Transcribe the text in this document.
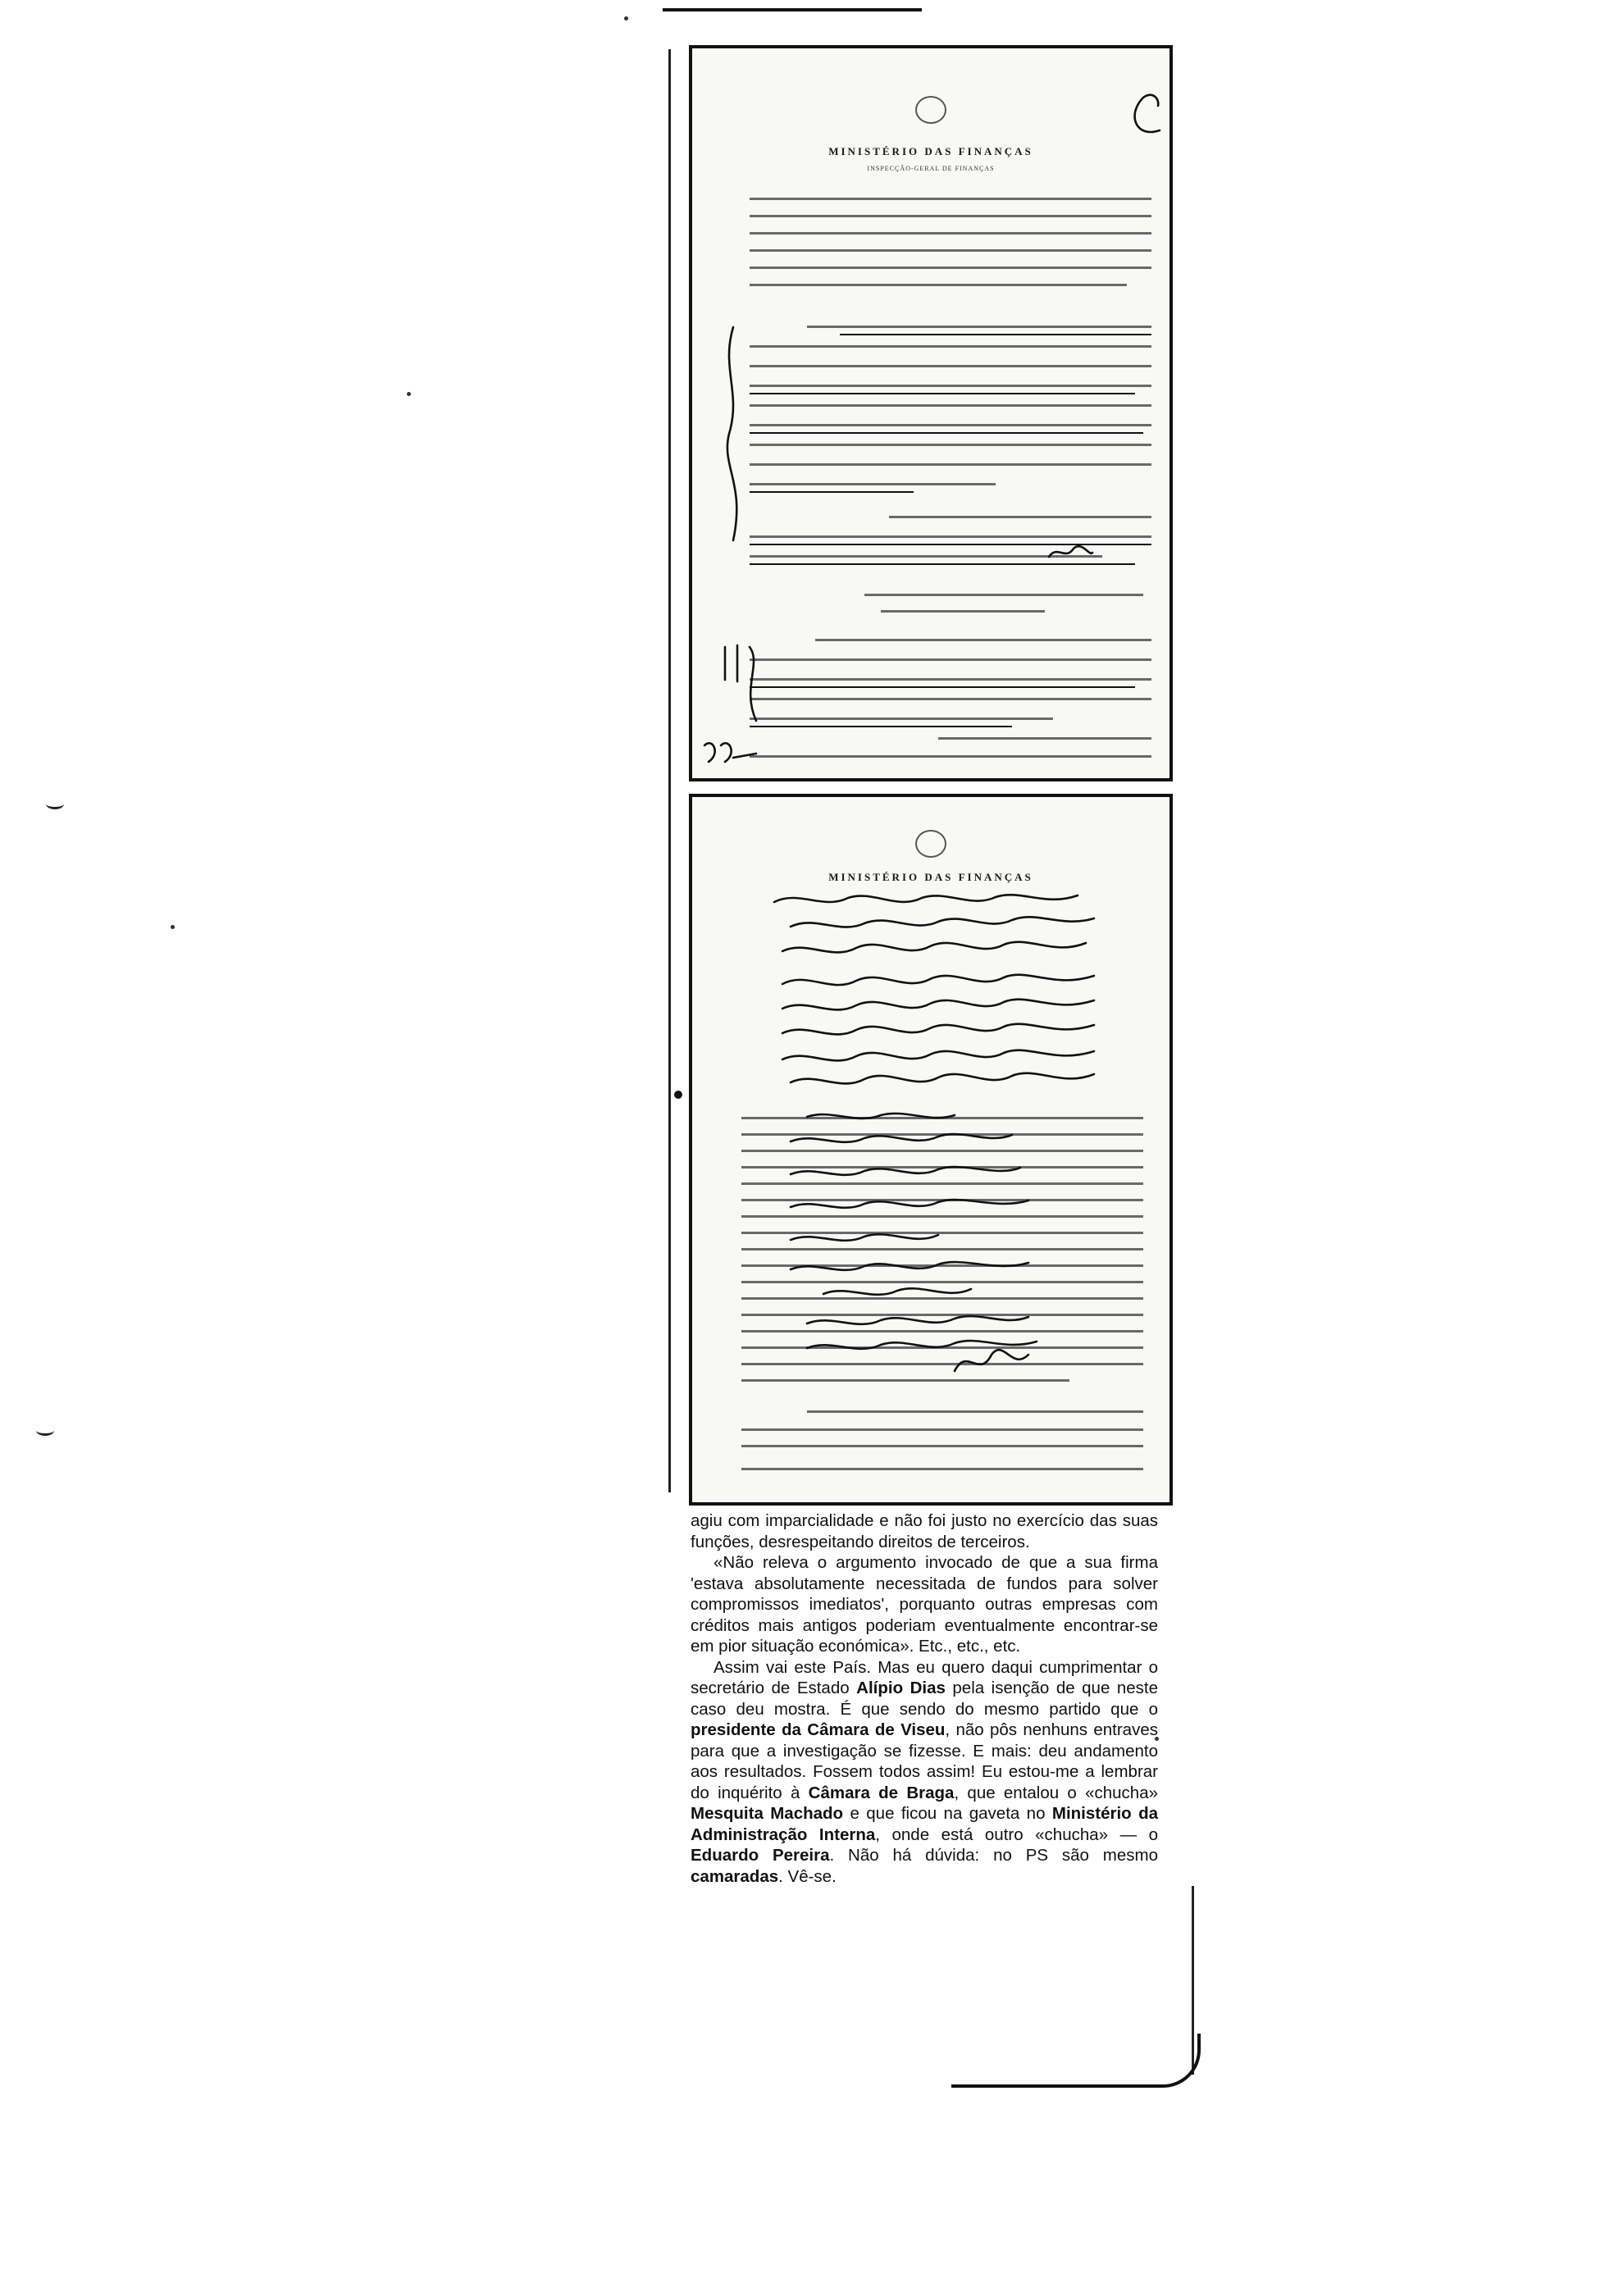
MINISTÉRIO DAS FINANÇAS
INSPECÇÃO-GERAL DE FINANÇAS
MINISTÉRIO DAS FINANÇAS

agiu com imparcialidade e não foi justo no exercício das suas funções, desrespeitando direitos de terceiros.

«Não releva o argumento invocado de que a sua firma 'estava absolutamente necessitada de fundos para solver compromissos imediatos', porquanto outras empresas com créditos mais antigos poderiam eventualmente encontrar-se em pior situação económica». Etc., etc., etc.

Assim vai este País. Mas eu quero daqui cumprimentar o secretário de Estado Alípio Dias pela isenção de que neste caso deu mostra. É que sendo do mesmo partido que o presidente da Câmara de Viseu, não pôs nenhuns entraves para que a investigação se fizesse. E mais: deu andamento aos resultados. Fossem todos assim! Eu estou-me a lembrar do inquérito à Câmara de Braga, que entalou o «chucha» Mesquita Machado e que ficou na gaveta no Ministério da Administração Interna, onde está outro «chucha» — o Eduardo Pereira. Não há dúvida: no PS são mesmo camaradas. Vê-se.
